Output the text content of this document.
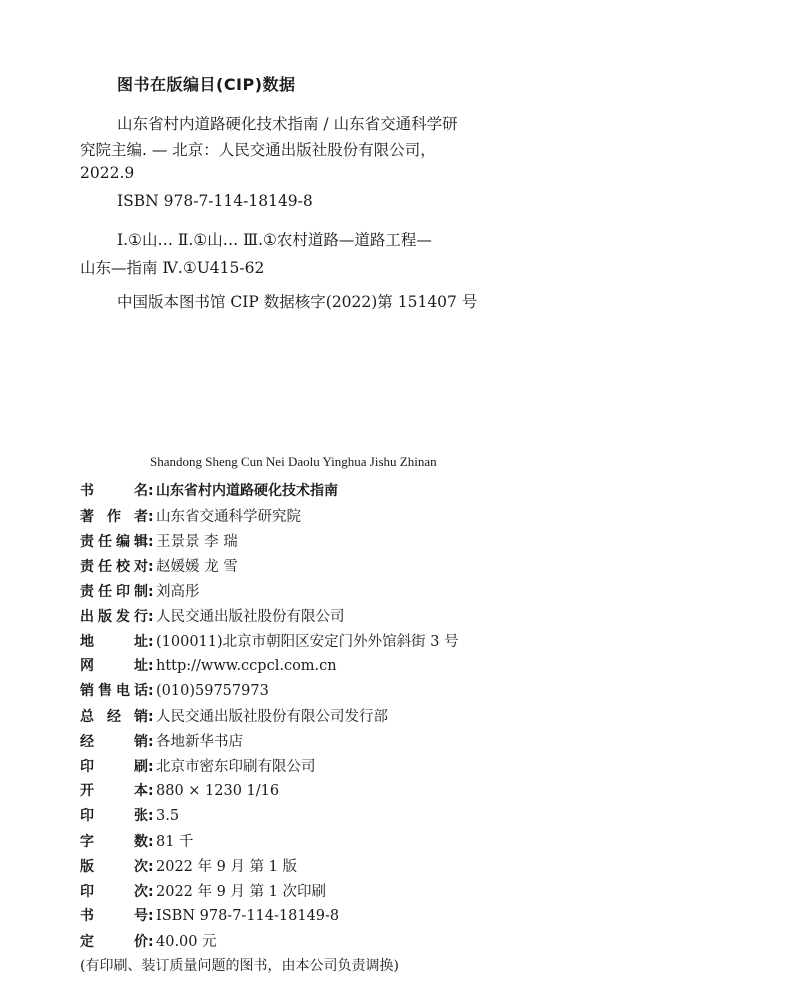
图书在版编目(CIP)数据
山东省村内道路硬化技术指南 / 山东省交通科学研
究院主编. — 北京：人民交通出版社股份有限公司，
2022.9
ISBN 978-7-114-18149-8
Ⅰ.①山… Ⅱ.①山… Ⅲ.①农村道路—道路工程—
山东—指南 Ⅳ.①U415-62
中国版本图书馆 CIP 数据核字(2022)第 151407 号
Shandong Sheng Cun Nei Daolu Yinghua Jishu Zhinan
书名 : 山东省村内道路硬化技术指南
著作者 : 山东省交通科学研究院
责任编辑 : 王景景 李 瑞
责任校对 : 赵媛媛 龙 雪
责任印制 : 刘高彤
出版发行 : 人民交通出版社股份有限公司
地址 : (100011)北京市朝阳区安定门外外馆斜街 3 号
网址 : http://www.ccpcl.com.cn
销售电话 : (010)59757973
总经销 : 人民交通出版社股份有限公司发行部
经销 : 各地新华书店
印刷 : 北京市密东印刷有限公司
开本 : 880 × 1230 1/16
印张 : 3.5
字数 : 81 千
版次 : 2022 年 9 月 第 1 版
印次 : 2022 年 9 月 第 1 次印刷
书号 : ISBN 978-7-114-18149-8
定价 : 40.00 元
(有印刷、装订质量问题的图书，由本公司负责调换)
